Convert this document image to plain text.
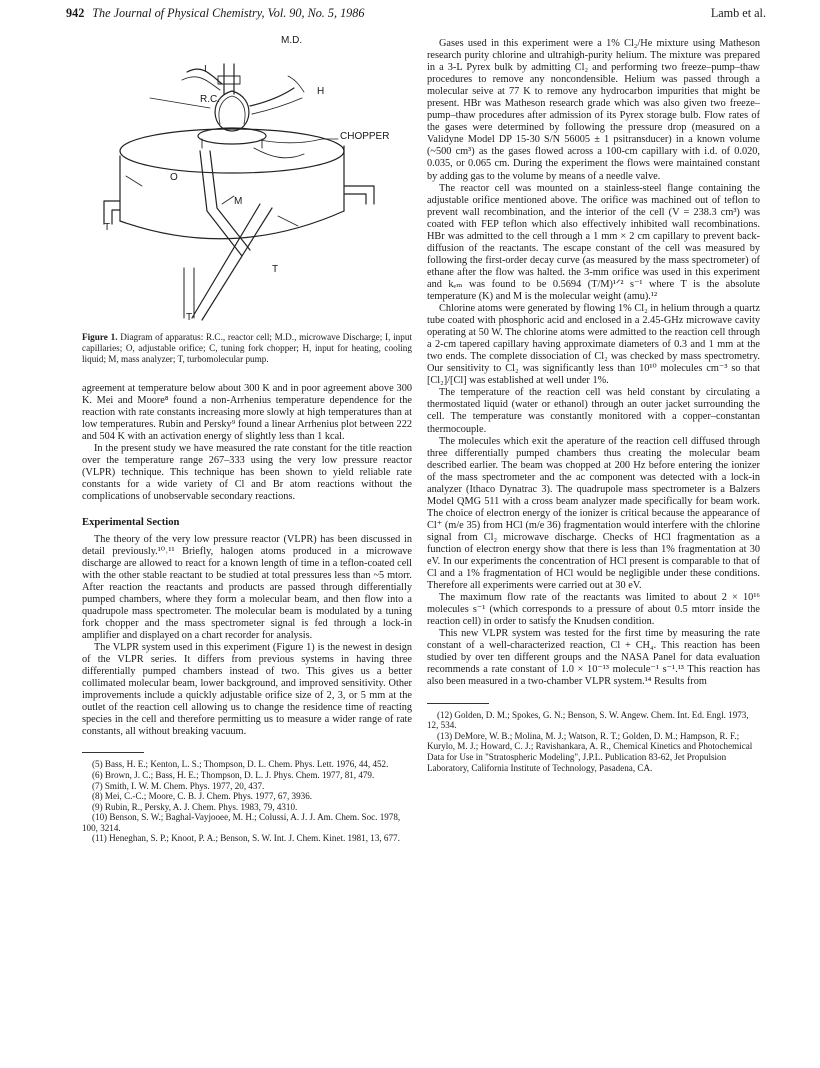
942 The Journal of Physical Chemistry, Vol. 90, No. 5, 1986	Lamb et al.
M.D.
I
H
R.C.
CHOPPER
O
M
T
T
T
Figure 1. Diagram of apparatus: R.C., reactor cell; M.D., microwave Discharge; I, input capillaries; O, adjustable orifice; C, tuning fork chopper; H, input for heating, cooling liquid; M, mass analyzer; T, turbomolecular pump.

agreement at temperature below about 300 K and in poor agreement above 300 K. Mei and Moore⁸ found a non-Arrhenius temperature dependence for the reaction with rate constants increasing more slowly at high temperatures than at low temperatures. Rubin and Persky⁹ found a linear Arrhenius plot between 222 and 504 K with an activation energy of slightly less than 1 kcal.

In the present study we have measured the rate constant for the title reaction over the temperature range 267–333 using the very low pressure reactor (VLPR) technique. This technique has been shown to yield reliable rate constants for a wide variety of Cl and Br atom reactions without the complications of unobservable secondary reactions.

Experimental Section

The theory of the very low pressure reactor (VLPR) has been discussed in detail previously.¹⁰˒¹¹ Briefly, halogen atoms produced in a microwave discharge are allowed to react for a known length of time in a teflon-coated cell with the other stable reactant to be studied at total pressures less than ~5 mtorr. After reaction the reactants and products are passed through differentially pumped chambers, where they form a molecular beam, and then flow into a quadrupole mass spectrometer. The molecular beam is modulated by a tuning fork chopper and the mass spectrometer signal is fed through a lock-in amplifier and displayed on a chart recorder for analysis.

The VLPR system used in this experiment (Figure 1) is the newest in design of the VLPR series. It differs from previous systems in having three differentially pumped chambers instead of two. This gives us a better collimated molecular beam, lower background, and improved sensitivity. Other improvements include a quickly adjustable orifice size of 2, 3, or 5 mm at the outlet of the reaction cell allowing us to change the residence time of reacting species in the cell and therefore permitting us to measure a wider range of rate constants, all without breaking vacuum.

(5) Bass, H. E.; Kenton, L. S.; Thompson, D. L. Chem. Phys. Lett. 1976, 44, 452.
(6) Brown, J. C.; Bass, H. E.; Thompson, D. L. J. Phys. Chem. 1977, 81, 479.
(7) Smith, I. W. M. Chem. Phys. 1977, 20, 437.
(8) Mei, C.-C.; Moore, C. B. J. Chem. Phys. 1977, 67, 3936.
(9) Rubin, R., Persky, A. J. Chem. Phys. 1983, 79, 4310.
(10) Benson, S. W.; Baghal-Vayjooee, M. H.; Colussi, A. J. J. Am. Chem. Soc. 1978, 100, 3214.
(11) Heneghan, S. P.; Knoot, P. A.; Benson, S. W. Int. J. Chem. Kinet. 1981, 13, 677.

Gases used in this experiment were a 1% Cl₂/He mixture using Matheson research purity chlorine and ultrahigh-purity helium. The mixture was prepared in a 3-L Pyrex bulk by admitting Cl₂ and performing two freeze–pump–thaw procedures to remove any noncondensible. Helium was passed through a molecular seive at 77 K to remove any hydrocarbon impurities that might be present. HBr was Matheson research grade which was also given two freeze–pump–thaw procedures after admission of its Pyrex storage bulb. Flow rates of the gases were determined by following the pressure drop (measured on a Validyne Model DP 15-30 S/N 56005 ± 1 psitransducer) in a known volume (~500 cm³) as the gases flowed across a 100-cm capillary with i.d. of 0.020, 0.035, or 0.065 cm. During the experiment the flows were maintained constant by adding gas to the volume by means of a needle valve.

The reactor cell was mounted on a stainless-steel flange containing the adjustable orifice mentioned above. The orifice was machined out of teflon to prevent wall recombination, and the interior of the cell (V = 238.3 cm³) was coated with FEP teflon which also effectively inhibited wall recombinations. HBr was admitted to the cell through a 1 mm × 2 cm capillary to prevent back-diffusion of the reactants. The escape constant of the cell was measured by following the first-order decay curve (as measured by the mass spectrometer) of ethane after the flow was halted. the 3-mm orifice was used in this experiment and kₑₘ was found to be 0.5694 (T/M)¹ᐟ² s⁻¹ where T is the absolute temperature (K) and M is the molecular weight (amu).¹²

Chlorine atoms were generated by flowing 1% Cl₂ in helium through a quartz tube coated with phosphoric acid and enclosed in a 2.45-GHz microwave cavity operating at 50 W. The chlorine atoms were admitted to the reaction cell through a 2-cm tapered capillary having approximate diameters of 0.3 and 1 mm at the two ends. The complete dissociation of Cl₂ was checked by mass spectrometry. Our sensitivity to Cl₂ was significantly less than 10¹⁰ molecules cm⁻³ so that [Cl₂]/[Cl] was established at well under 1%.

The temperature of the reaction cell was held constant by circulating a thermostated liquid (water or ethanol) through an outer jacket surrounding the cell. The temperature was constantly monitored with a copper–constantan thermocouple.

The molecules which exit the aperature of the reaction cell diffused through three differentially pumped chambers thus creating the molecular beam described earlier. The beam was chopped at 200 Hz before entering the ionizer of the mass spectrometer and the ac component was detected with a lock-in analyzer (Ithaco Dynatrac 3). The quadrupole mass spectrometer is a Balzers Model QMG 511 with a cross beam analyzer made specifically for beam work. The choice of electron energy of the ionizer is critical because the appearance of Cl⁺ (m/e 35) from HCl (m/e 36) fragmentation would interfere with the chlorine signal from Cl₂ microwave discharge. Checks of HCl fragmentation as a function of electron energy show that there is less than 1% fragmentation at 30 eV. In our experiments the concentration of HCl present is comparable to that of Cl and a 1% fragmentation of HCl would be negligible under these conditions. Therefore all experiments were carried out at 30 eV.

The maximum flow rate of the reactants was limited to about 2 × 10¹⁶ molecules s⁻¹ (which corresponds to a pressure of about 0.5 mtorr inside the reaction cell) in order to satisfy the Knudsen condition.

This new VLPR system was tested for the first time by measuring the rate constant of a well-characterized reaction, Cl + CH₄. This reaction has been studied by over ten different groups and the NASA Panel for data evaluation recommends a rate constant of 1.0 × 10⁻¹³ molecule⁻¹ s⁻¹.¹³ This reaction has also been measured in a two-chamber VLPR system.¹⁴ Results from

(12) Golden, D. M.; Spokes, G. N.; Benson, S. W. Angew. Chem. Int. Ed. Engl. 1973, 12, 534.
(13) DeMore, W. B.; Molina, M. J.; Watson, R. T.; Golden, D. M.; Hampson, R. F.; Kurylo, M. J.; Howard, C. J.; Ravishankara, A. R., Chemical Kinetics and Photochemical Data for Use in "Stratospheric Modeling", J.P.L. Publication 83-62, Jet Propulsion Laboratory, California Institute of Technology, Pasadena, CA.
